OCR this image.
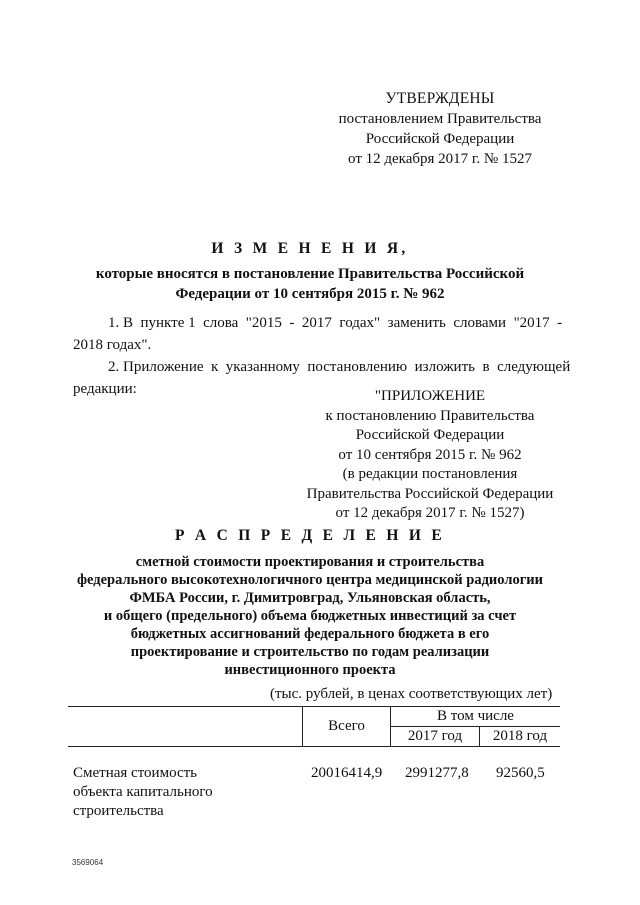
УТВЕРЖДЕНЫ
постановлением Правительства
Российской Федерации
от 12 декабря 2017 г. № 1527
И З М Е Н Е Н И Я,
которые вносятся в постановление Правительства Российской
Федерации от 10 сентября 2015 г. № 962
1. В  пункте 1  слова  "2015  -  2017  годах"  заменить  словами  "2017  -
2018 годах".
2. Приложение  к  указанному  постановлению  изложить  в  следующей
редакции:	"ПРИЛОЖЕНИЕ
к постановлению Правительства
Российской Федерации
от 10 сентября 2015 г. № 962
(в редакции постановления
Правительства Российской Федерации
от 12 декабря 2017 г. № 1527)
Р А С П Р Е Д Е Л Е Н И Е
сметной стоимости проектирования и строительства
федерального высокотехнологичного центра медицинской радиологии
ФМБА России, г. Димитровград, Ульяновская область,
и общего (предельного) объема бюджетных инвестиций за счет
бюджетных ассигнований федерального бюджета в его
проектирование и строительство по годам реализации
инвестиционного проекта
(тыс. рублей, в ценах соответствующих лет)
Всего
В том числе
2017 год	2018 год
Сметная стоимость
объекта капитального
строительства
20016414,9 2991277,8 92560,5
3569064
